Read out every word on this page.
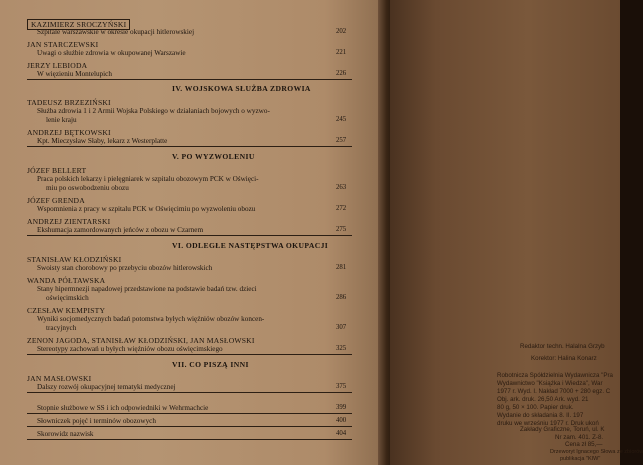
KAZIMIERZ SROCZYŃSKI
Szpitale warszawskie w okresie okupacji hitlerowskiej	202
JAN STARCZEWSKI
Uwagi o służbie zdrowia w okupowanej Warszawie	221
JERZY LEBIODA
W więzieniu Montelupich	226
IV. WOJSKOWA SŁUŻBA ZDROWIA
TADEUSZ BRZEZIŃSKI
Służba zdrowia 1 i 2 Armii Wojska Polskiego w działaniach bojowych o wyzwo-
lenie kraju	245
ANDRZEJ BĘTKOWSKI
Kpt. Mieczysław Słaby, lekarz z Westerplatte	257
V. PO WYZWOLENIU
JÓZEF BELLERT
Praca polskich lekarzy i pielęgniarek w szpitalu obozowym PCK w Oświęci-
miu po oswobodzeniu obozu	263
JÓZEF GRENDA
Wspomnienia z pracy w szpitalu PCK w Oświęcimiu po wyzwoleniu obozu	272
ANDRZEJ ZIENTARSKI
Ekshumacja zamordowanych jeńców z obozu w Czarnem	275
VI. ODLEGŁE NASTĘPSTWA OKUPACJI
STANISŁAW KŁODZIŃSKI
Swoisty stan chorobowy po przebyciu obozów hitlerowskich	281
WANDA PÓŁTAWSKA
Stany hipermnezji napadowej przedstawione na podstawie badań tzw. dzieci
oświęcimskich	286
CZESŁAW KEMPISTY
Wyniki socjomedycznych badań potomstwa byłych więźniów obozów koncen-
tracyjnych	307
ZENON JAGODA, STANISŁAW KŁODZIŃSKI, JAN MASŁOWSKI
Stereotypy zachowań u byłych więźniów obozu oświęcimskiego	325
VII. CO PISZĄ INNI
JAN MASŁOWSKI
Dalszy rozwój okupacyjnej tematyki medycznej	375
Stopnie służbowe w SS i ich odpowiedniki w Wehrmachcie	399
Słowniczek pojęć i terminów obozowych	400
Skorowidz nazwisk	404
Redaktor techn. Halalna Grzyb
Korektor: Halina Konarz
Robotnicza Spółdzielnia Wydawnicza "Pra
Wydawnictwo "Książka i Wiedza", War
1977 r. Wyd. I. Nakład 7000 + 280 egz. C
Obj. ark. druk. 26,50 Ark. wyd. 21
80 g, 50 × 100. Papier druk.
Wydanie do składania 8. II. 197
druku we wrześniu 1977 r. Druk ukoń
Zakłady Graficzne, Toruń, ul. K
Nr zam. 401. Z-8.
Cena zł 85,—
Drzeworyt Ignacego Słowa ze zbiorów
publikacja "KIW"
